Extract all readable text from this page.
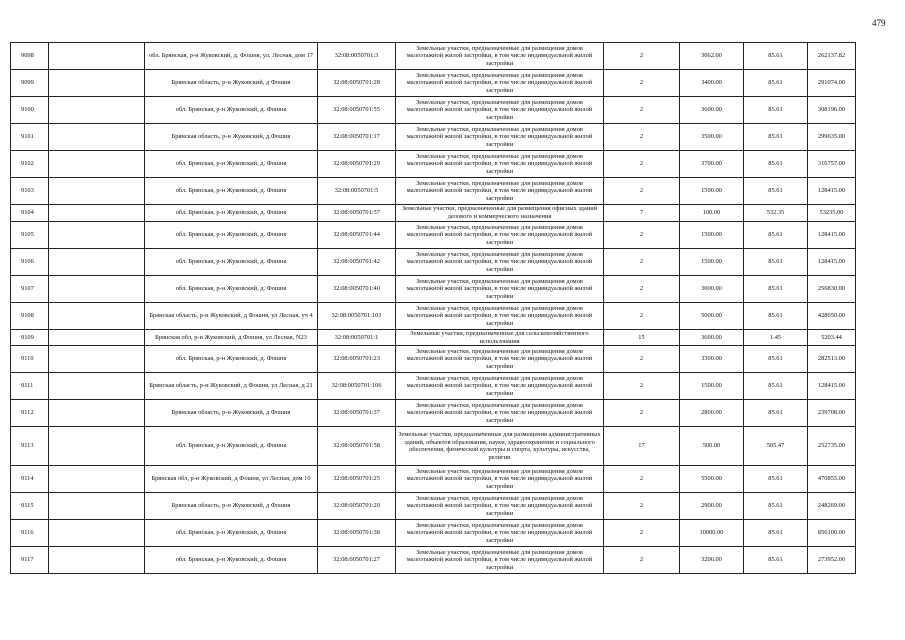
479
9098		обл. Брянская, р-н Жуковский, д. Фошня, ул. Лесная, дом 17	32:08:0050701:3	Земельные участки, предназначенные для размещения домов малоэтажной жилой застройки, в том числе индивидуальной жилой застройки	2	3062.00	85.61	262137.82
9099		Брянская область, р-н Жуковский, д Фошня	32:08:0050701:28	Земельные участки, предназначенные для размещения домов малоэтажной жилой застройки, в том числе индивидуальной жилой застройки	2	3400.00	85.61	291074.00
9100		обл. Брянская, р-н Жуковский, д. Фошня	32:08:0050701:55	Земельные участки, предназначенные для размещения домов малоэтажной жилой застройки, в том числе индивидуальной жилой застройки	2	3600.00	85.61	308196.00
9101		Брянская область, р-н Жуковский, д.Фошня	32:08:0050701:17	Земельные участки, предназначенные для размещения домов малоэтажной жилой застройки, в том числе индивидуальной жилой застройки	2	3500.00	85.61	299635.00
9102		обл. Брянская, р-н Жуковский, д. Фошня	32:08:0050701:29	Земельные участки, предназначенные для размещения домов малоэтажной жилой застройки, в том числе индивидуальной жилой застройки	2	3700.00	85.61	316757.00
9103		обл. Брянская, р-н Жуковский, д. Фошня	32:08:0050701:5	Земельные участки, предназначенные для размещения домов малоэтажной жилой застройки, в том числе индивидуальной жилой застройки	2	1500.00	85.61	128415.00
9104		обл. Брянская, р-н Жуковский, д. Фошня	32:08:0050701:57	Земельные участки, предназначенные для размещения офисных зданий делового и коммерческого назначения	7	100.00	532.35	53235.00
9105		обл. Брянская, р-н Жуковский, д. Фошня	32:08:0050701:44	Земельные участки, предназначенные для размещения домов малоэтажной жилой застройки, в том числе индивидуальной жилой застройки	2	1500.00	85.61	128415.00
9106		обл. Брянская, р-н Жуковский, д. Фошня	32:08:0050701:42	Земельные участки, предназначенные для размещения домов малоэтажной жилой застройки, в том числе индивидуальной жилой застройки	2	1500.00	85.61	128415.00
9107		обл. Брянская, р-н Жуковский, д. Фошня	32:08:0050701:40	Земельные участки, предназначенные для размещения домов малоэтажной жилой застройки, в том числе индивидуальной жилой застройки	2	3000.00	85.61	256830.00
9108		Брянская область, р-н Жуковский, д Фошня, ул Лесная, уч 4	32:08:0050701:101	Земельные участки, предназначенные для размещения домов малоэтажной жилой застройки, в том числе индивидуальной жилой застройки	2	5000.00	85.61	428050.00
9109		Брянская обл, р-н Жуковский, д.Фошня, ул Лесная, N23	32:08:0050701:1	Земельные участки, предназначенные для сельскохозяйственного использования	15	3600.00	1.45	5203.44
9110		обл. Брянская, р-н Жуковский, д. Фошня	32:08:0050701:23	Земельные участки, предназначенные для размещения домов малоэтажной жилой застройки, в том числе индивидуальной жилой застройки	2	3300.00	85.61	282513.00
9111		Брянская область, р-н Жуковский, д Фошня, ул Лесная, д 21	32:08:0050701:106	Земельные участки, предназначенные для размещения домов малоэтажной жилой застройки, в том числе индивидуальной жилой застройки	2	1500.00	85.61	128415.00
9112		Брянская область, р-н Жуковский, д Фошня	32:08:0050701:37	Земельные участки, предназначенные для размещения домов малоэтажной жилой застройки, в том числе индивидуальной жилой застройки	2	2800.00	85.61	239708.00
9113		обл. Брянская, р-н Жуковский, д. Фошня	32:08:0050701:58	Земельные участки, предназначенные для размещения административных зданий, объектов образования, науки, здравоохранения и социального обеспечения, физической культуры и спорта, культуры, искусства, религии	17	500.00	505.47	252735.00
9114		Брянская обл, р-н Жуковский, д Фошня, ул Лесная, дом 10	32:08:0050701:25	Земельные участки, предназначенные для размещения домов малоэтажной жилой застройки, в том числе индивидуальной жилой застройки	2	5500.00	85.61	470855.00
9115		Брянская область, р-н Жуковский, д Фошня	32:08:0050701:20	Земельные участки, предназначенные для размещения домов малоэтажной жилой застройки, в том числе индивидуальной жилой застройки	2	2900.00	85.61	248269.00
9116		обл. Брянская, р-н Жуковский, д. Фошня	32:08:0050701:38	Земельные участки, предназначенные для размещения домов малоэтажной жилой застройки, в том числе индивидуальной жилой застройки	2	10000.00	85.61	856100.00
9117		обл. Брянская, р-н Жуковский, д. Фошня	32:08:0050701:27	Земельные участки, предназначенные для размещения домов малоэтажной жилой застройки, в том числе индивидуальной жилой застройки	2	3200.00	85.61	273952.00
